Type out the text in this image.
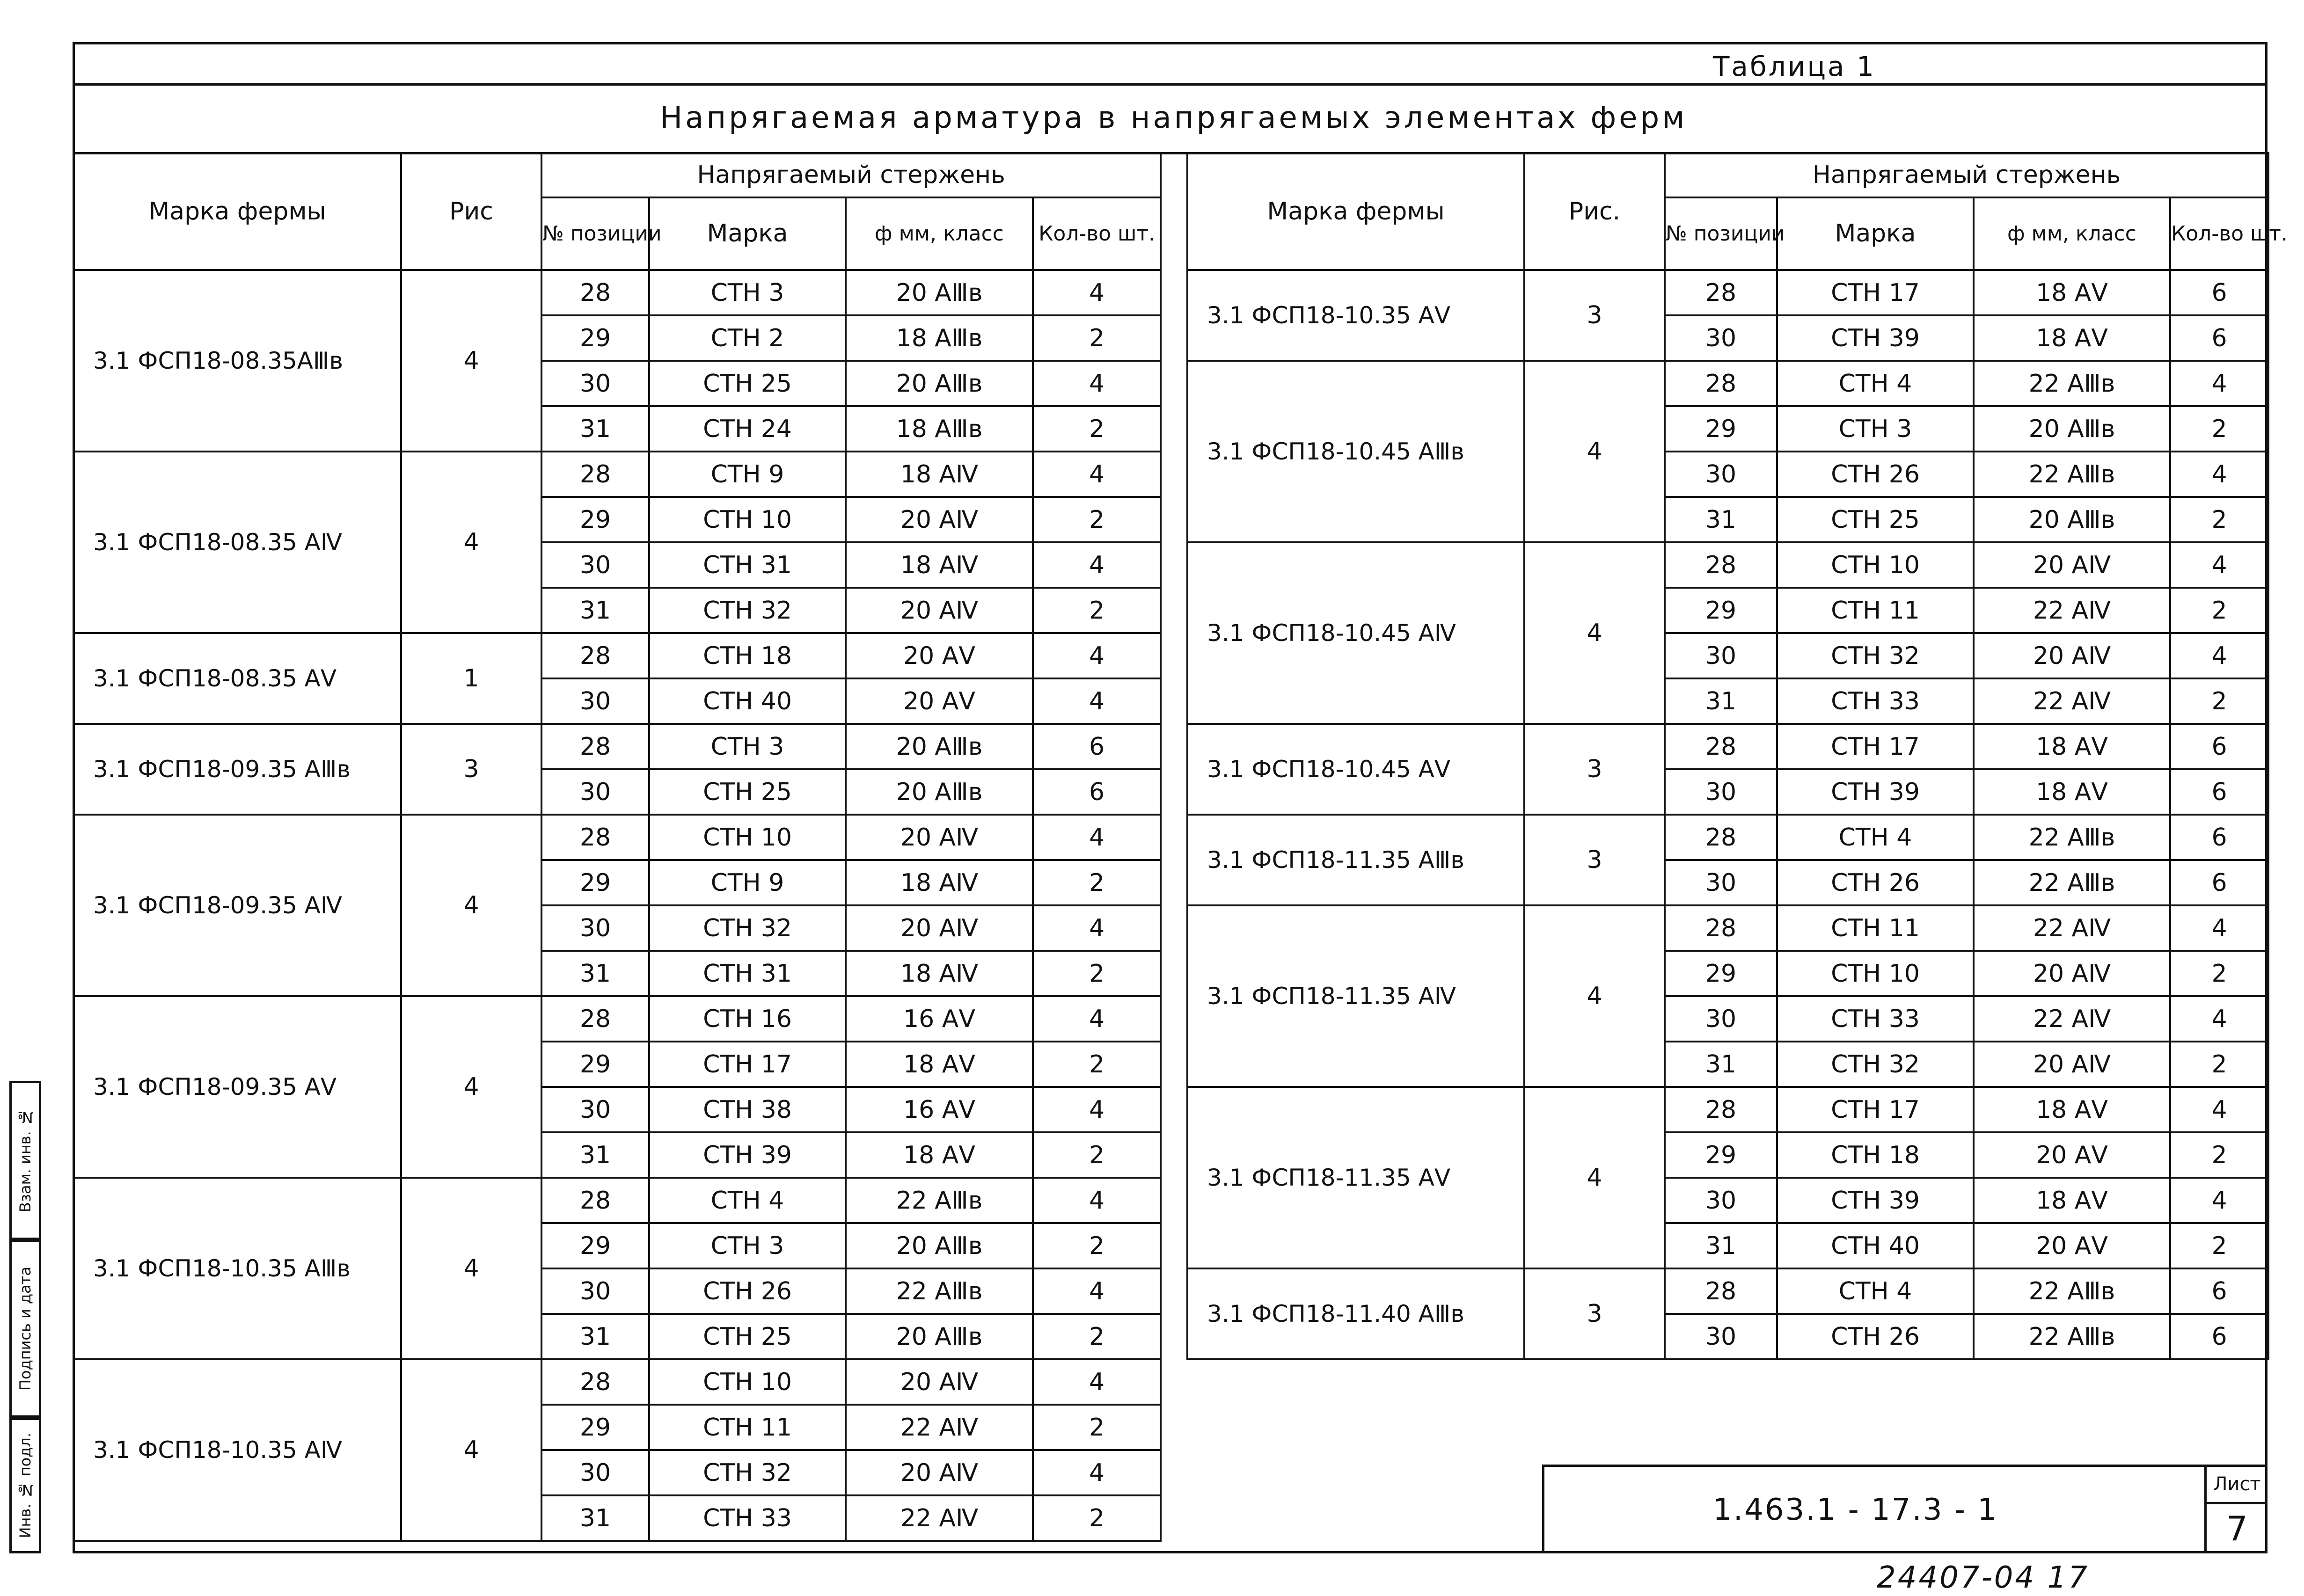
Таблица 1
Напрягаемая арматура в напрягаемых элементах ферм
Марка фермы	Рис	Напрягаемый стержень			
		№ позиции	Марка	ф мм, класс	Кол-во шт.
3.1 ФСП18-08.35АⅢв	4	28	СТН 3	20 АⅢв	4
		29	СТН 2	18 АⅢв	2
		30	СТН 25	20 АⅢв	4
		31	СТН 24	18 АⅢв	2
3.1 ФСП18-08.35 АⅣ	4	28	СТН 9	18 АⅣ	4
		29	СТН 10	20 АⅣ	2
		30	СТН 31	18 АⅣ	4
		31	СТН 32	20 АⅣ	2
3.1 ФСП18-08.35 АⅤ	1	28	СТН 18	20 АⅤ	4
		30	СТН 40	20 АⅤ	4
3.1 ФСП18-09.35 АⅢв	3	28	СТН 3	20 АⅢв	6
		30	СТН 25	20 АⅢв	6
3.1 ФСП18-09.35 АⅣ	4	28	СТН 10	20 АⅣ	4
		29	СТН 9	18 АⅣ	2
		30	СТН 32	20 АⅣ	4
		31	СТН 31	18 АⅣ	2
3.1 ФСП18-09.35 АⅤ	4	28	СТН 16	16 АⅤ	4
		29	СТН 17	18 АⅤ	2
		30	СТН 38	16 АⅤ	4
		31	СТН 39	18 АⅤ	2
3.1 ФСП18-10.35 АⅢв	4	28	СТН 4	22 АⅢв	4
		29	СТН 3	20 АⅢв	2
		30	СТН 26	22 АⅢв	4
		31	СТН 25	20 АⅢв	2
3.1 ФСП18-10.35 АⅣ	4	28	СТН 10	20 АⅣ	4
		29	СТН 11	22 АⅣ	2
		30	СТН 32	20 АⅣ	4
		31	СТН 33	22 АⅣ	2
Марка фермы	Рис.	Напрягаемый стержень			
		№ позиции	Марка	ф мм, класс	Кол-во шт.
3.1 ФСП18-10.35 АⅤ	3	28	СТН 17	18 АⅤ	6
		30	СТН 39	18 АⅤ	6
3.1 ФСП18-10.45 АⅢв	4	28	СТН 4	22 АⅢв	4
		29	СТН 3	20 АⅢв	2
		30	СТН 26	22 АⅢв	4
		31	СТН 25	20 АⅢв	2
3.1 ФСП18-10.45 АⅣ	4	28	СТН 10	20 АⅣ	4
		29	СТН 11	22 АⅣ	2
		30	СТН 32	20 АⅣ	4
		31	СТН 33	22 АⅣ	2
3.1 ФСП18-10.45 АⅤ	3	28	СТН 17	18 АⅤ	6
		30	СТН 39	18 АⅤ	6
3.1 ФСП18-11.35 АⅢв	3	28	СТН 4	22 АⅢв	6
		30	СТН 26	22 АⅢв	6
3.1 ФСП18-11.35 АⅣ	4	28	СТН 11	22 АⅣ	4
		29	СТН 10	20 АⅣ	2
		30	СТН 33	22 АⅣ	4
		31	СТН 32	20 АⅣ	2
3.1 ФСП18-11.35 АⅤ	4	28	СТН 17	18 АⅤ	4
		29	СТН 18	20 АⅤ	2
		30	СТН 39	18 АⅤ	4
		31	СТН 40	20 АⅤ	2
3.1 ФСП18-11.40 АⅢв	3	28	СТН 4	22 АⅢв	6
		30	СТН 26	22 АⅢв	6
1.463.1 - 17.3 - 1
Лист
7
Взам. инв. №
Подпись и дата
Инв. № подл.
24407-04 17
